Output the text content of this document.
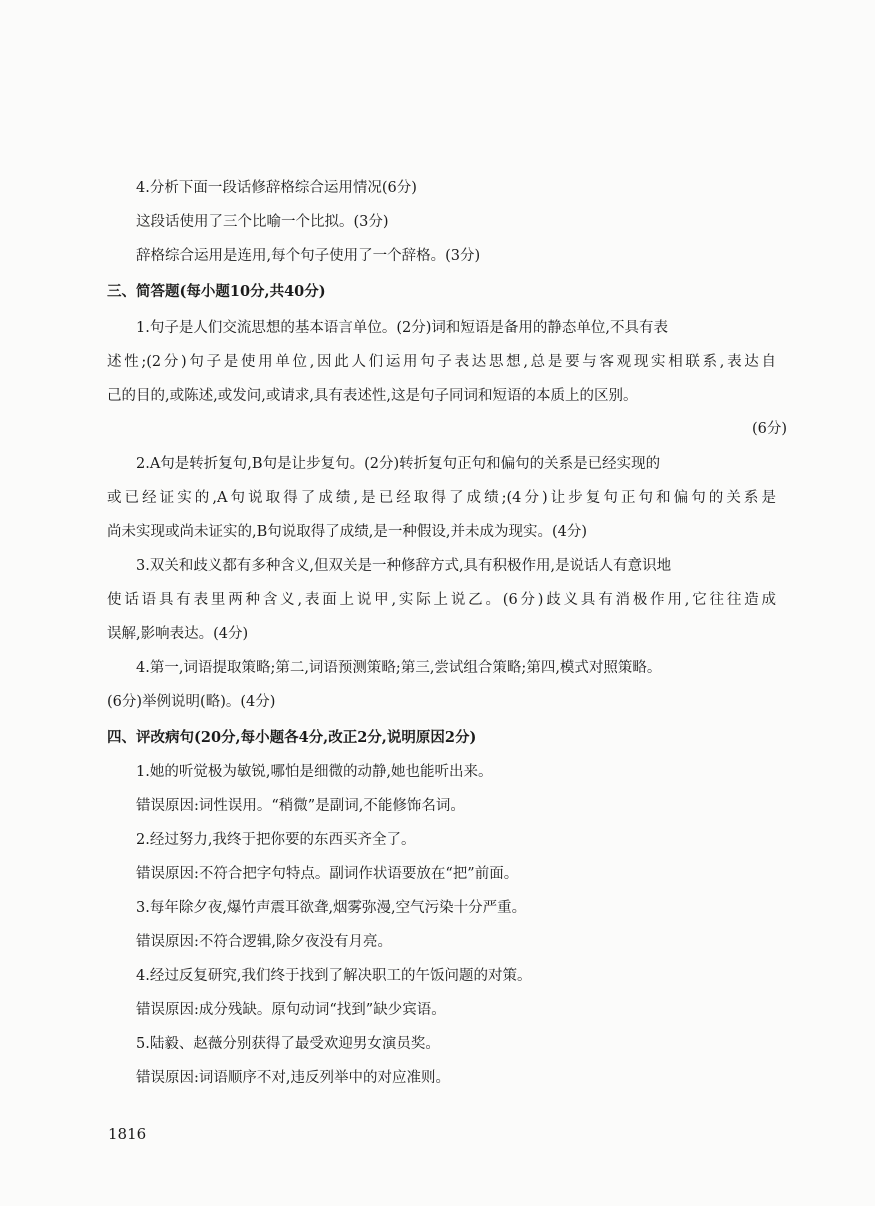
4.分析下面一段话修辞格综合运用情况(6分)
这段话使用了三个比喻一个比拟。(3分)
辞格综合运用是连用,每个句子使用了一个辞格。(3分)
三、简答题(每小题10分,共40分)
1.句子是人们交流思想的基本语言单位。(2分)词和短语是备用的静态单位,不具有表
述性;(2分)句子是使用单位,因此人们运用句子表达思想,总是要与客观现实相联系,表达自
己的目的,或陈述,或发问,或请求,具有表述性,这是句子同词和短语的本质上的区别。
(6分)
2.A句是转折复句,B句是让步复句。(2分)转折复句正句和偏句的关系是已经实现的
或已经证实的,A句说取得了成绩,是已经取得了成绩;(4分)让步复句正句和偏句的关系是
尚未实现或尚未证实的,B句说取得了成绩,是一种假设,并未成为现实。(4分)
3.双关和歧义都有多种含义,但双关是一种修辞方式,具有积极作用,是说话人有意识地
使话语具有表里两种含义,表面上说甲,实际上说乙。(6分)歧义具有消极作用,它往往造成
误解,影响表达。(4分)
4.第一,词语提取策略;第二,词语预测策略;第三,尝试组合策略;第四,模式对照策略。
(6分)举例说明(略)。(4分)
四、评改病句(20分,每小题各4分,改正2分,说明原因2分)
1.她的听觉极为敏锐,哪怕是细微的动静,她也能听出来。
错误原因:词性误用。“稍微”是副词,不能修饰名词。
2.经过努力,我终于把你要的东西买齐全了。
错误原因:不符合把字句特点。副词作状语要放在“把”前面。
3.每年除夕夜,爆竹声震耳欲聋,烟雾弥漫,空气污染十分严重。
错误原因:不符合逻辑,除夕夜没有月亮。
4.经过反复研究,我们终于找到了解决职工的午饭问题的对策。
错误原因:成分残缺。原句动词“找到”缺少宾语。
5.陆毅、赵薇分别获得了最受欢迎男女演员奖。
错误原因:词语顺序不对,违反列举中的对应准则。
1816
